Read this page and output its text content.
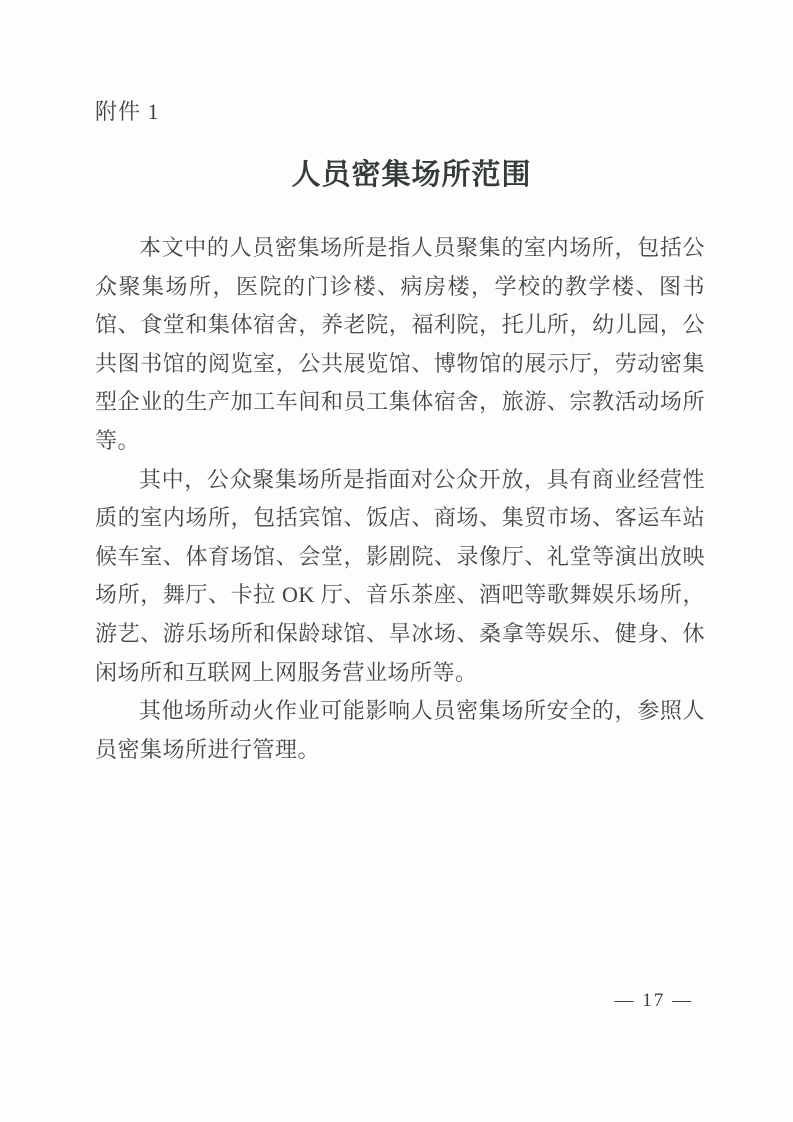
附件 1
人员密集场所范围

本文中的人员密集场所是指人员聚集的室内场所，包括公众聚集场所，医院的门诊楼、病房楼，学校的教学楼、图书馆、食堂和集体宿舍，养老院，福利院，托儿所，幼儿园，公共图书馆的阅览室，公共展览馆、博物馆的展示厅，劳动密集型企业的生产加工车间和员工集体宿舍，旅游、宗教活动场所等。

其中，公众聚集场所是指面对公众开放，具有商业经营性质的室内场所，包括宾馆、饭店、商场、集贸市场、客运车站候车室、体育场馆、会堂，影剧院、录像厅、礼堂等演出放映场所，舞厅、卡拉 OK 厅、音乐茶座、酒吧等歌舞娱乐场所，游艺、游乐场所和保龄球馆、旱冰场、桑拿等娱乐、健身、休闲场所和互联网上网服务营业场所等。

其他场所动火作业可能影响人员密集场所安全的，参照人员密集场所进行管理。

— 17 —
